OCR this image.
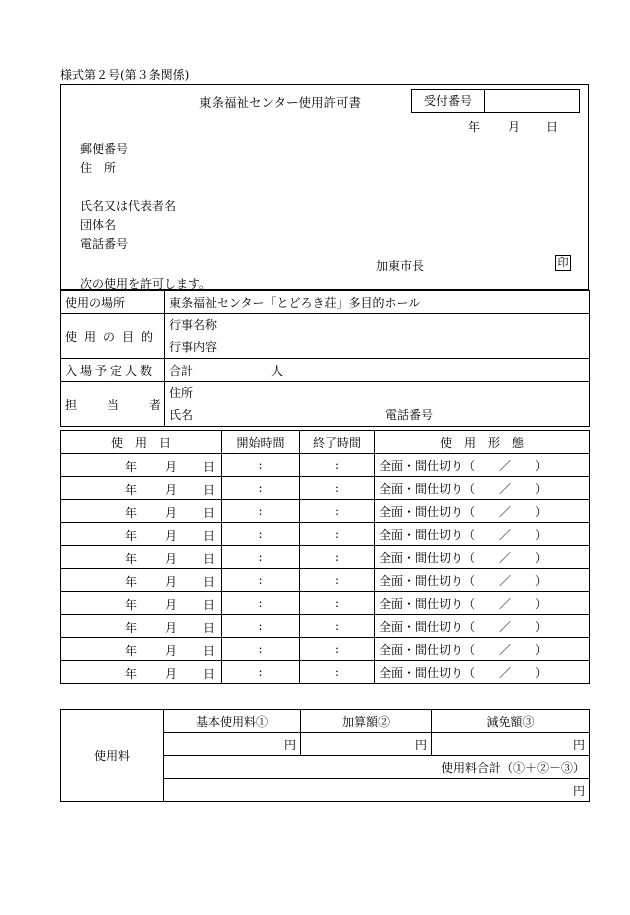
様式第２号(第３条関係)
東条福祉センター使用許可書	受付番号
年 月 日
郵便番号
住　所
氏名又は代表者名
団体名
電話番号
加東市長	印
次の使用を許可します。
使用の場所	東条福祉センター「とどろき荘」多目的ホール

使用の目的	行事名称
行事内容

入場予定人数	合計 人

担当者	住所
氏名 電話番号
使　用　日	開始時間	終了時間	使　用　形　態

年 月 日	:	:	全面・間仕切り（　　／　　）

年 月 日	:	:	全面・間仕切り（　　／　　）

年 月 日	:	:	全面・間仕切り（　　／　　）

年 月 日	:	:	全面・間仕切り（　　／　　）

年 月 日	:	:	全面・間仕切り（　　／　　）

年 月 日	:	:	全面・間仕切り（　　／　　）

年 月 日	:	:	全面・間仕切り（　　／　　）

年 月 日	:	:	全面・間仕切り（　　／　　）

年 月 日	:	:	全面・間仕切り（　　／　　）

年 月 日	:	:	全面・間仕切り（　　／　　）
使用料	基本使用料①	加算額②	減免額③
	円	円	円
	使用料合計（①＋②－③）		
	円		
